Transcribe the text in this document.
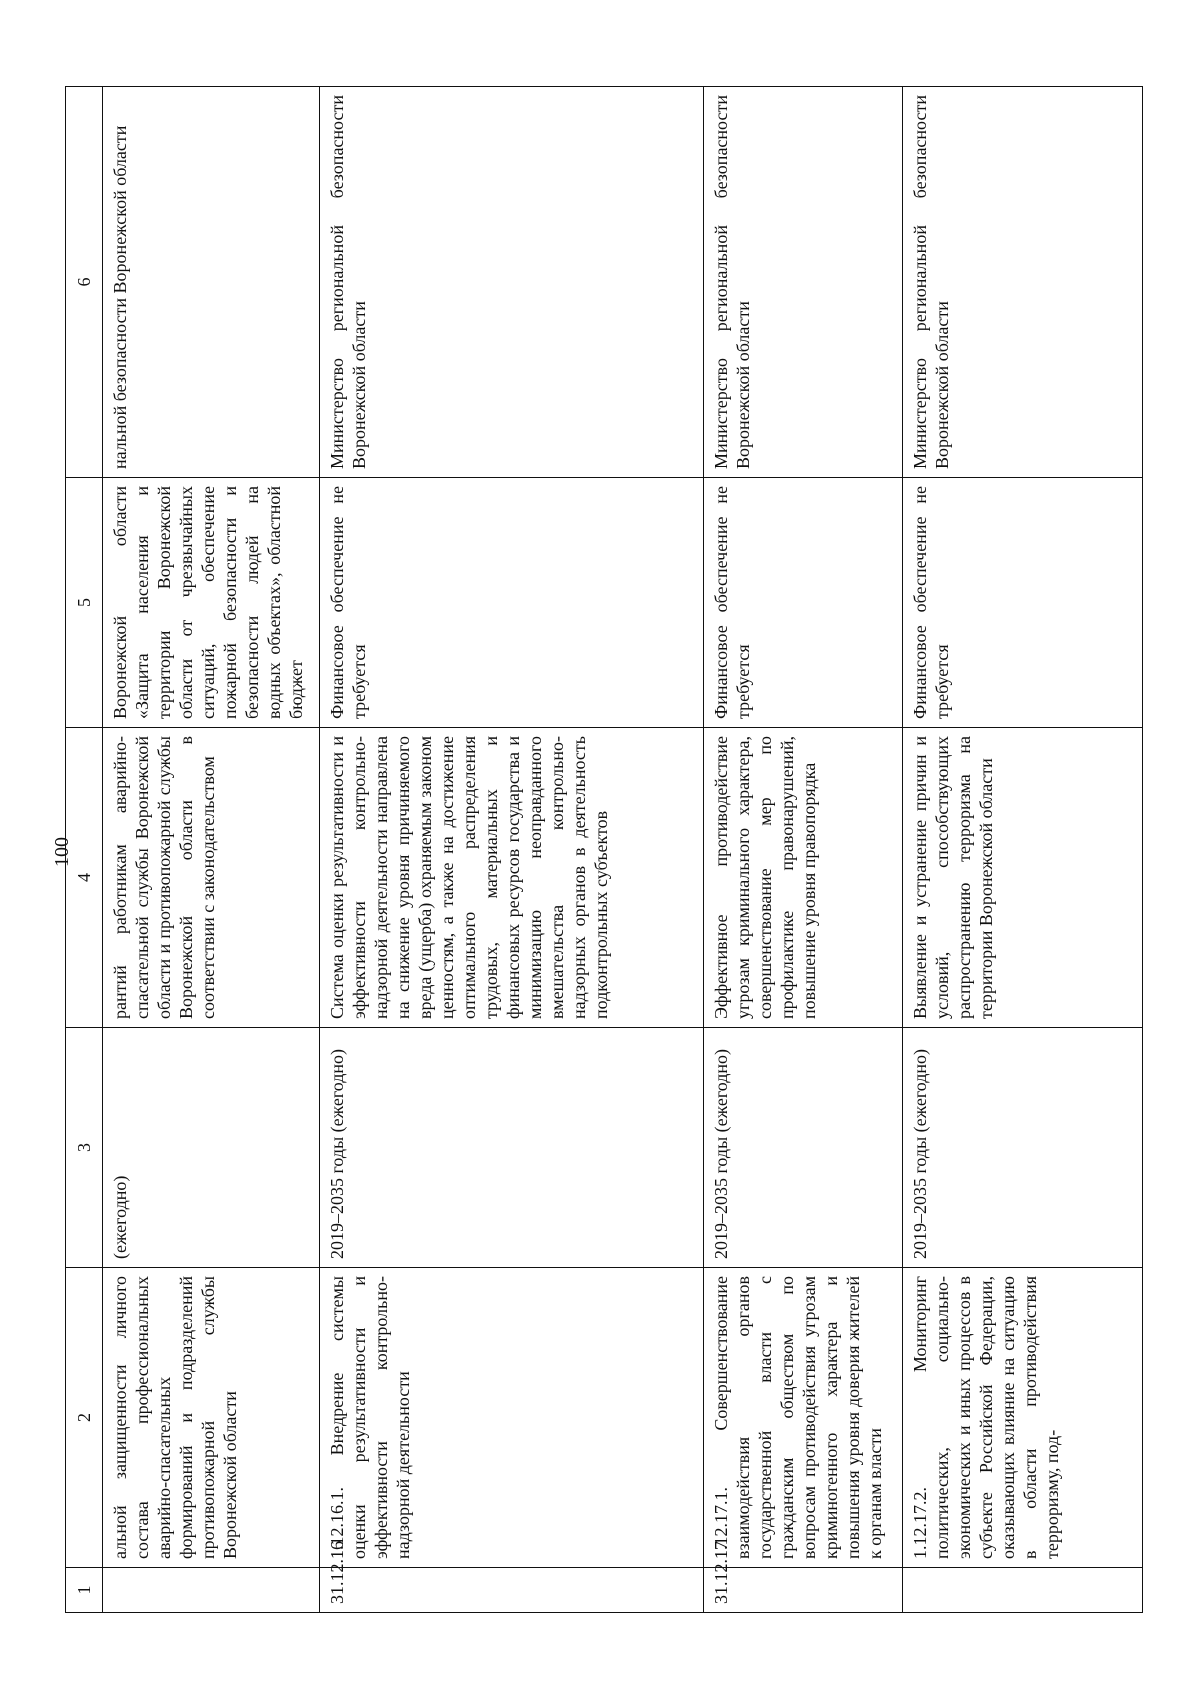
100
1	2	3	4	5	6
	альной защищенности личного состава профессиональных аварийно-спасательных формирований и подразделений противопожарной службы Воронежской области	(ежегодно)	рантий работникам аварийно-спасательной службы Воронежской области и противопожарной службы Воронежской области в соответствии с законодательством	Воронежской области «Защита населения и территории Воронежской области от чрезвычайных ситуаций, обеспечение пожарной безопасности и безопасности людей на водных объектах», областной бюджет	нальной безопасности Воронежской области
31.12.16	1.12.16.1. Внедрение системы оценки результативности и эффективности контрольно-надзорной деятельности	2019–2035 годы (ежегодно)	Система оценки результативности и эффективности контрольно-надзорной деятельности направлена на снижение уровня причиняемого вреда (ущерба) охраняемым законом ценностям, а также на достижение оптимального распределения трудовых, материальных и финансовых ресурсов государства и минимизацию неоправданного вмешательства контрольно-надзорных органов в деятельность подконтрольных субъектов	Финансовое обеспечение не требуется	Министерство региональной безопасности Воронежской области
31.12.17	1.12.17.1. Совершенствование взаимодействия органов государственной власти с гражданским обществом по вопросам противодействия угрозам криминогенного характера и повышения уровня доверия жителей к органам власти	2019–2035 годы (ежегодно)	Эффективное противодействие угрозам криминального характера, совершенствование мер по профилактике правонарушений, повышение уровня правопорядка	Финансовое обеспечение не требуется	Министерство региональной безопасности Воронежской области
	1.12.17.2. Мониторинг политических, социально-экономических и иных процессов в субъекте Российской Федерации, оказывающих влияние на ситуацию в области противодействия терроризму, под-	2019–2035 годы (ежегодно)	Выявление и устранение причин и условий, способствующих распространению терроризма на территории Воронежской области	Финансовое обеспечение не требуется	Министерство региональной безопасности Воронежской области
